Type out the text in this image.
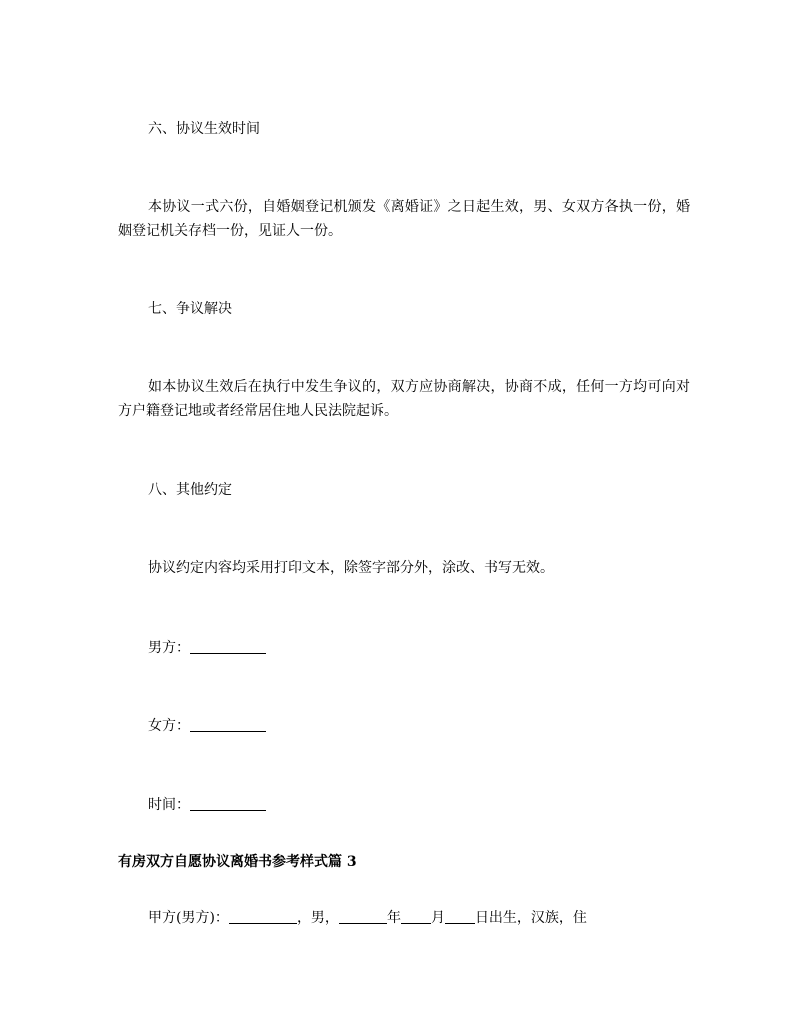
六、协议生效时间
本协议一式六份，自婚姻登记机颁发《离婚证》之日起生效，男、女双方各执一份，婚姻登记机关存档一份，见证人一份。
七、争议解决
如本协议生效后在执行中发生争议的，双方应协商解决，协商不成，任何一方均可向对方户籍登记地或者经常居住地人民法院起诉。
八、其他约定
协议约定内容均采用打印文本，除签字部分外，涂改、书写无效。
男方：
女方：
时间：
有房双方自愿协议离婚书参考样式篇 3
甲方(男方)：	，男，	年 月 日出生，汉族，住
